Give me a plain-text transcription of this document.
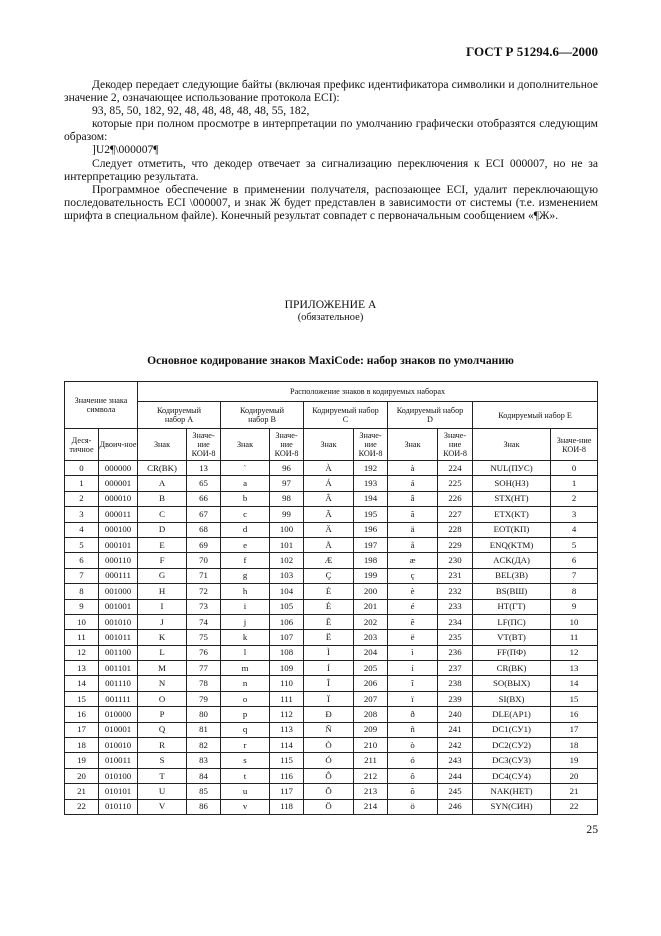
ГОСТ Р 51294.6—2000

Декодер передает следующие байты (включая префикс идентификатора символики и дополнительное значение 2, означающее использование протокола ECI):

93, 85, 50, 182, 92, 48, 48, 48, 48, 48, 55, 182,

которые при полном просмотре в интерпретации по умолчанию графически отобразятся следующим образом:

]U2¶\000007¶

Следует отметить, что декодер отвечает за сигнализацию переключения к ECI 000007, но не за интерпретацию результата.

Программное обеспечение в применении получателя, распозающее ECI, удалит переключающую последовательность ECI \000007, и знак Ж будет представлен в зависимости от системы (т.е. изменением шрифта в специальном файле). Конечный результат совпадет с первоначальным сообщением «¶Ж».

ПРИЛОЖЕНИЕ А
(обязательное)
Основное кодирование знаков MaxiCode: набор знаков по умолчанию
Значение знака символа		Расположение знаков в кодируемых наборах									
		Кодируемый набор A		Кодируемый набор B		Кодируемый набор C		Кодируемый набор D		Кодируемый набор E	
Деся-тичное	Двоич-ное	Знак	Значе-ние КОИ-8	Знак	Значе-ние КОИ-8	Знак	Значе-ние КОИ-8	Знак	Значе-ние КОИ-8	Знак	Значе-ние КОИ-8
0	000000	CR(BK)	13	`	96	À	192	à	224	NUL(ПУС)	0
1	000001	A	65	a	97	Á	193	á	225	SOH(НЗ)	1
2	000010	B	66	b	98	Â	194	â	226	STX(НТ)	2
3	000011	C	67	c	99	Ã	195	ã	227	ETX(KT)	3
4	000100	D	68	d	100	Ä	196	ä	228	EOT(KП)	4
5	000101	E	69	e	101	Å	197	å	229	ENQ(KTM)	5
6	000110	F	70	f	102	Æ	198	æ	230	ACK(ДА)	6
7	000111	G	71	g	103	Ç	199	ç	231	BEL(ЗВ)	7
8	001000	H	72	h	104	È	200	è	232	BS(ВШ)	8
9	001001	I	73	i	105	É	201	é	233	HT(ГТ)	9
10	001010	J	74	j	106	Ê	202	ê	234	LF(ПС)	10
11	001011	K	75	k	107	Ë	203	ë	235	VT(ВТ)	11
12	001100	L	76	l	108	Ì	204	ì	236	FF(ПФ)	12
13	001101	M	77	m	109	Í	205	í	237	CR(BK)	13
14	001110	N	78	n	110	Î	206	î	238	SO(ВЫХ)	14
15	001111	O	79	o	111	Ï	207	ï	239	SI(BX)	15
16	010000	P	80	p	112	Ð	208	ð	240	DLE(AP1)	16
17	010001	Q	81	q	113	Ñ	209	ñ	241	DC1(СУ1)	17
18	010010	R	82	r	114	Ò	210	ò	242	DC2(СУ2)	18
19	010011	S	83	s	115	Ó	211	ó	243	DC3(СУ3)	19
20	010100	T	84	t	116	Ô	212	ô	244	DC4(СУ4)	20
21	010101	U	85	u	117	Õ	213	õ	245	NAK(HET)	21
22	010110	V	86	v	118	Ö	214	ö	246	SYN(СИН)	22
25
